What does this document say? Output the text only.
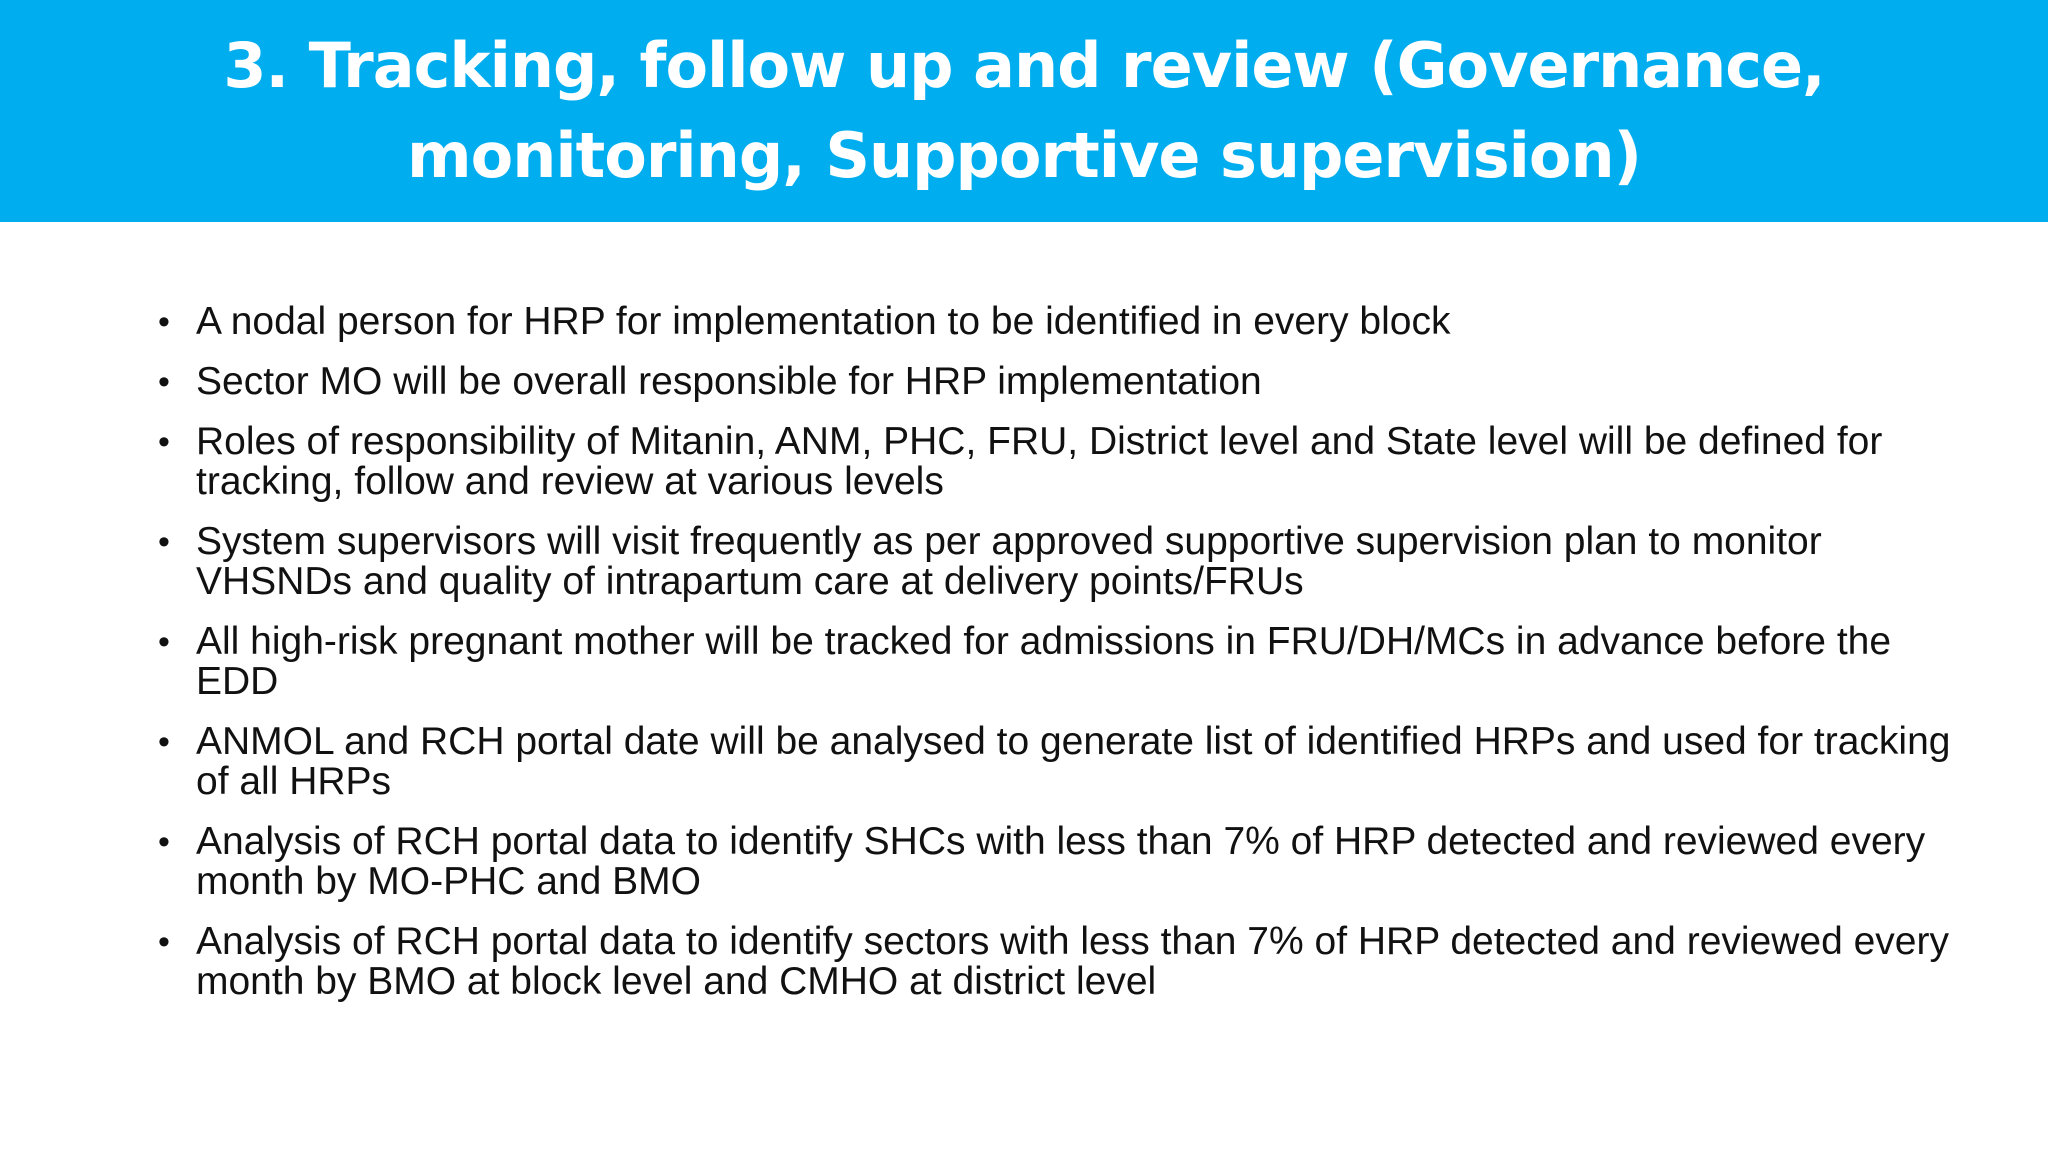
3. Tracking, follow up and review (Governance, monitoring, Supportive supervision)
• A nodal person for HRP for implementation to be identified in every block
• Sector MO will be overall responsible for HRP implementation
• Roles of responsibility of Mitanin, ANM, PHC, FRU, District level and State level will be defined for tracking, follow and review at various levels
• System supervisors will visit frequently as per approved supportive supervision plan to monitor VHSNDs and quality of intrapartum care at delivery points/FRUs
• All high-risk pregnant mother will be tracked for admissions in FRU/DH/MCs in advance before the EDD
• ANMOL and RCH portal date will be analysed to generate list of identified HRPs and used for tracking of all HRPs
• Analysis of RCH portal data to identify SHCs with less than 7% of HRP detected and reviewed every month by MO-PHC and BMO
• Analysis of RCH portal data to identify sectors with less than 7% of HRP detected and reviewed every month by BMO at block level and CMHO at district level
